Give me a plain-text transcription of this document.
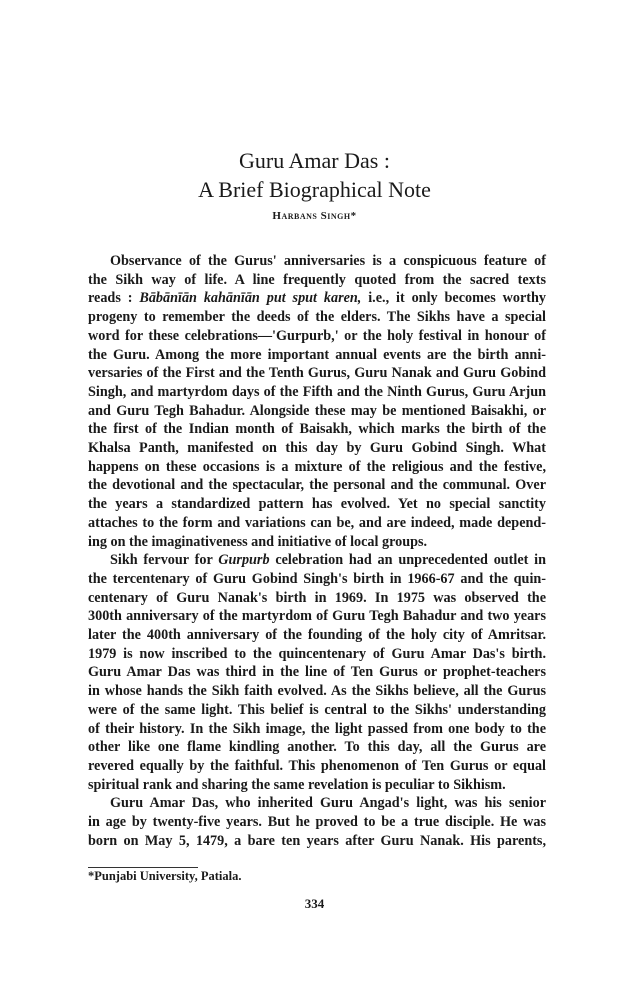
Guru Amar Das :
A Brief Biographical Note
Harbans Singh*
Observance of the Gurus' anniversaries is a conspicuous feature of
the Sikh way of life. A line frequently quoted from the sacred texts
reads : Bābānīān kahānīān put sput karen, i.e., it only becomes worthy
progeny to remember the deeds of the elders. The Sikhs have a special
word for these celebrations—'Gurpurb,' or the holy festival in honour of
the Guru. Among the more important annual events are the birth anni-
versaries of the First and the Tenth Gurus, Guru Nanak and Guru Gobind
Singh, and martyrdom days of the Fifth and the Ninth Gurus, Guru Arjun
and Guru Tegh Bahadur. Alongside these may be mentioned Baisakhi, or
the first of the Indian month of Baisakh, which marks the birth of the
Khalsa Panth, manifested on this day by Guru Gobind Singh. What
happens on these occasions is a mixture of the religious and the festive,
the devotional and the spectacular, the personal and the communal. Over
the years a standardized pattern has evolved. Yet no special sanctity
attaches to the form and variations can be, and are indeed, made depend-
ing on the imaginativeness and initiative of local groups.
Sikh fervour for Gurpurb celebration had an unprecedented outlet in
the tercentenary of Guru Gobind Singh's birth in 1966-67 and the quin-
centenary of Guru Nanak's birth in 1969. In 1975 was observed the
300th anniversary of the martyrdom of Guru Tegh Bahadur and two years
later the 400th anniversary of the founding of the holy city of Amritsar.
1979 is now inscribed to the quincentenary of Guru Amar Das's birth.
Guru Amar Das was third in the line of Ten Gurus or prophet-teachers
in whose hands the Sikh faith evolved. As the Sikhs believe, all the Gurus
were of the same light. This belief is central to the Sikhs' understanding
of their history. In the Sikh image, the light passed from one body to the
other like one flame kindling another. To this day, all the Gurus are
revered equally by the faithful. This phenomenon of Ten Gurus or equal
spiritual rank and sharing the same revelation is peculiar to Sikhism.
Guru Amar Das, who inherited Guru Angad's light, was his senior
in age by twenty-five years. But he proved to be a true disciple. He was
born on May 5, 1479, a bare ten years after Guru Nanak. His parents,
*Punjabi University, Patiala.
334
